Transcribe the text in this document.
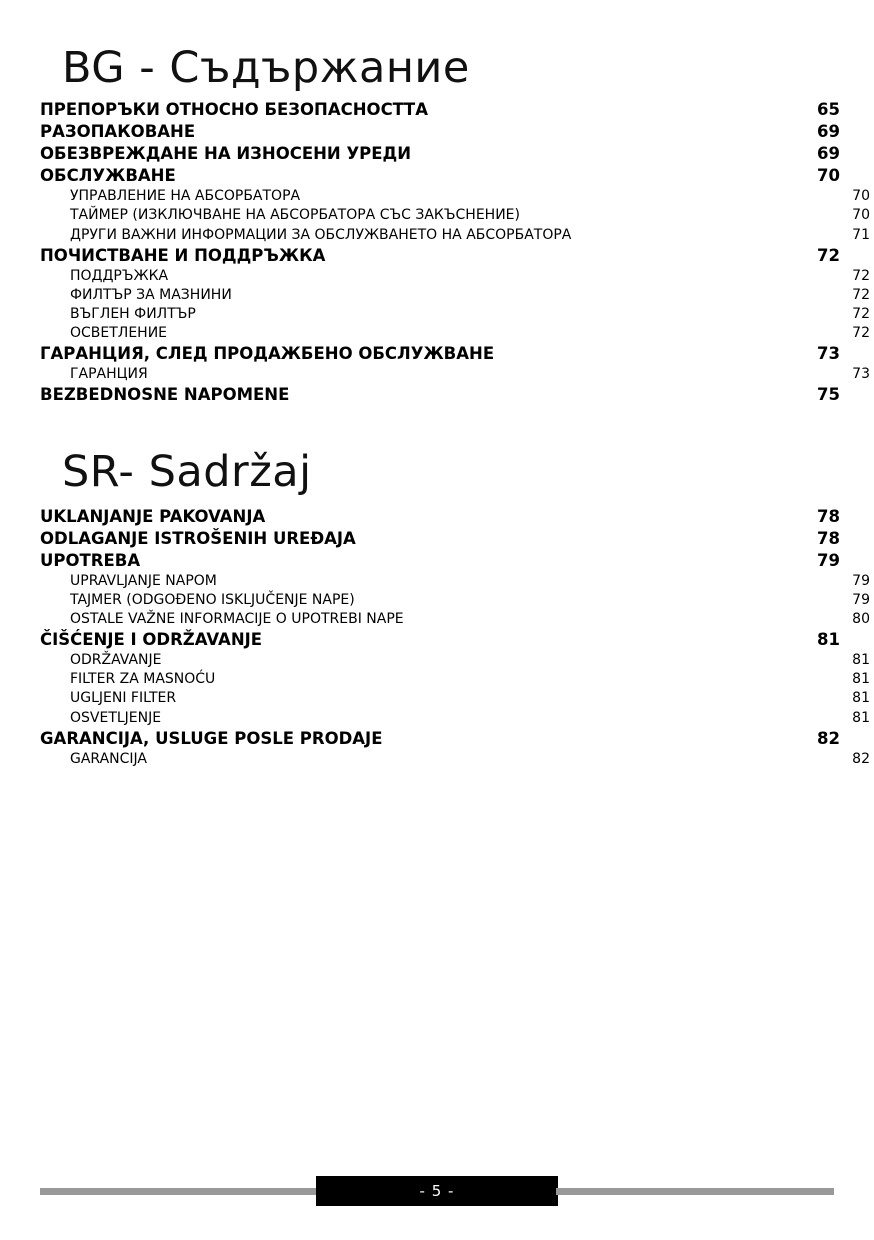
BG - Съдържание
ПРЕПОРЪКИ ОТНОСНО БЕЗОПАСНОСТТА	65
РАЗОПАКОВАНЕ	69
ОБЕЗВРЕЖДАНЕ НА ИЗНОСЕНИ УРЕДИ	69
ОБСЛУЖВАНЕ	70
УПРАВЛЕНИЕ НА АБСОРБАТОРА	70
ТАЙМЕР (ИЗКЛЮЧВАНЕ НА АБСОРБАТОРА СЪС ЗАКЪСНЕНИЕ)	70
ДРУГИ ВАЖНИ ИНФОРМАЦИИ ЗА ОБСЛУЖВАНЕТО НА АБСОРБАТОРА	71
ПОЧИСТВАНЕ И ПОДДРЪЖКА	72
ПОДДРЪЖКА	72
ФИЛТЪР ЗА МАЗНИНИ	72
ВЪГЛЕН ФИЛТЪР	72
ОСВЕТЛЕНИЕ	72
ГАРАНЦИЯ, СЛЕД ПРОДАЖБЕНО ОБСЛУЖВАНЕ	73
ГАРАНЦИЯ	73
BEZBEDNOSNE NAPOMENE	75
SR- Sadržaj
UKLANJANJE PAKOVANJA	78
ODLAGANJE ISTROŠENIH UREĐAJA	78
UPOTREBA	79
UPRAVLJANJE NAPOM	79
TAJMER (ODGOĐENO ISKLJUČENJE NAPE)	79
OSTALE VAŽNE INFORMACIJE O UPOTREBI NAPE	80
ČIŠĆENJE I ODRŽAVANJE	81
ODRŽAVANJE	81
FILTER ZA MASNOĆU	81
UGLJENI FILTER	81
OSVETLJENJE	81
GARANCIJA, USLUGE POSLE PRODAJE	82
GARANCIJA	82
- 5 -
